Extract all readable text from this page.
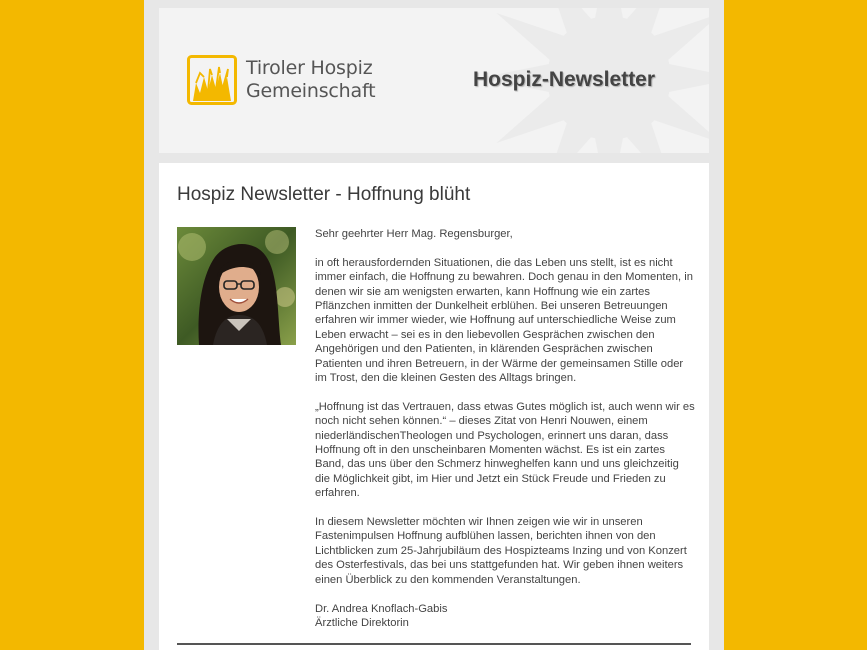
Tiroler Hospiz
Gemeinschaft	Hospiz-Newsletter
Hospiz Newsletter - Hoffnung blüht

Sehr geehrter Herr Mag. Regensburger,

in oft herausfordernden Situationen, die das Leben uns stellt, ist es nicht immer einfach, die Hoffnung zu bewahren. Doch genau in den Momenten, in denen wir sie am wenigsten erwarten, kann Hoffnung wie ein zartes Pflänzchen inmitten der Dunkelheit erblühen. Bei unseren Betreuungen erfahren wir immer wieder, wie Hoffnung auf unterschiedliche Weise zum Leben erwacht – sei es in den liebevollen Gesprächen zwischen den Angehörigen und den Patienten, in klärenden Gesprächen zwischen Patienten und ihren Betreuern, in der Wärme der gemeinsamen Stille oder im Trost, den die kleinen Gesten des Alltags bringen.

„Hoffnung ist das Vertrauen, dass etwas Gutes möglich ist, auch wenn wir es noch nicht sehen können.“ – dieses Zitat von Henri Nouwen, einem niederländischenTheologen und Psychologen, erinnert uns daran, dass Hoffnung oft in den unscheinbaren Momenten wächst. Es ist ein zartes Band, das uns über den Schmerz hinweghelfen kann und uns gleichzeitig die Möglichkeit gibt, im Hier und Jetzt ein Stück Freude und Frieden zu erfahren.

In diesem Newsletter möchten wir Ihnen zeigen wie wir in unseren Fastenimpulsen Hoffnung aufblühen lassen, berichten ihnen von den Lichtblicken zum 25-Jahrjubiläum des Hospizteams Inzing und von Konzert des Osterfestivals, das bei uns stattgefunden hat. Wir geben ihnen weiters einen Überblick zu den kommenden Veranstaltungen.

Dr. Andrea Knoflach-Gabis

Ärztliche Direktorin
